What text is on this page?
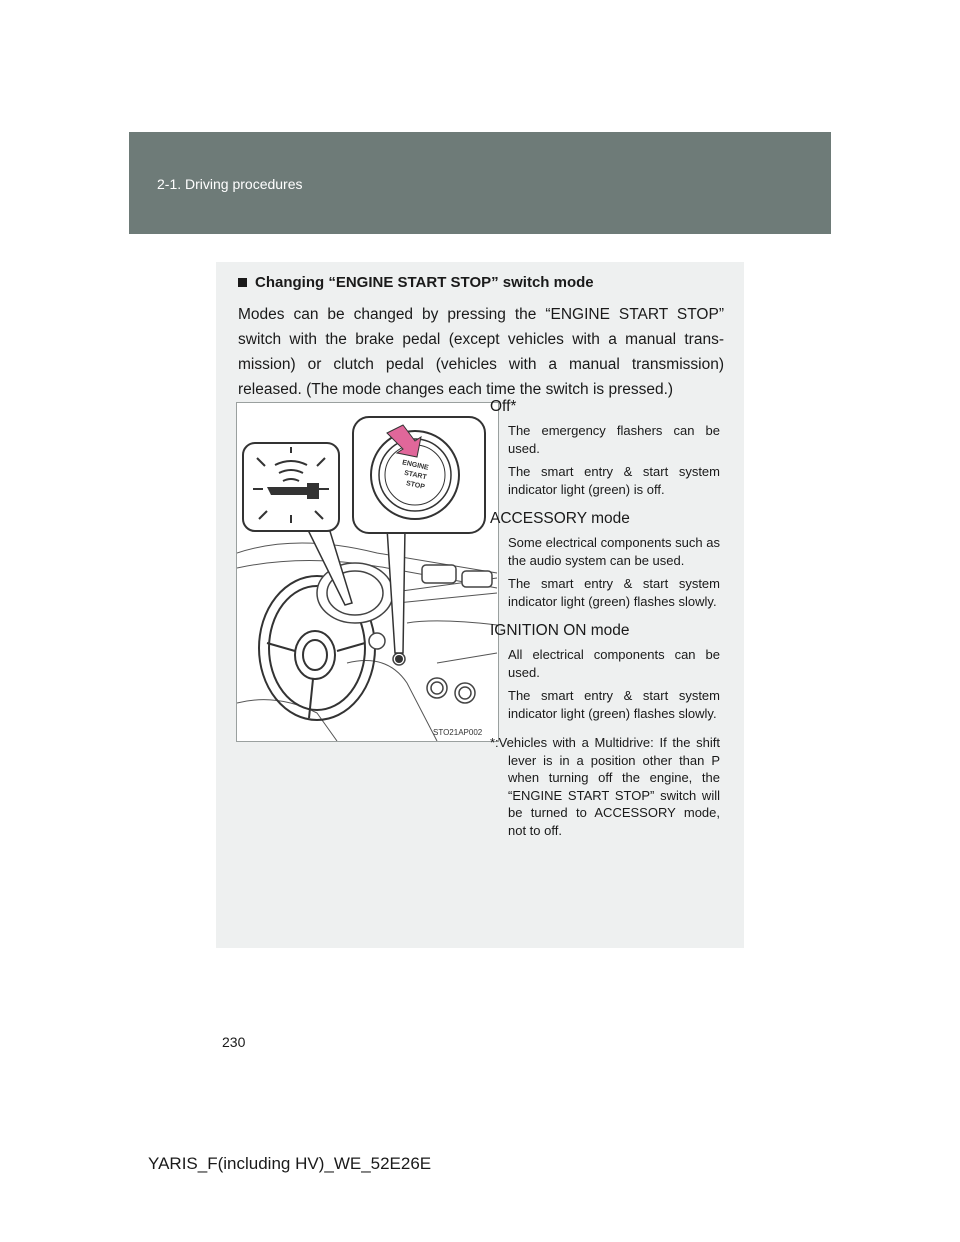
2-1. Driving procedures
Changing “ENGINE START STOP” switch mode
Modes can be changed by pressing the “ENGINE START STOP” switch with the brake pedal (except vehicles with a manual trans-mission) or clutch pedal (vehicles with a manual transmission) released. (The mode changes each time the switch is pressed.)
ENGINE
START
STOP
STO21AP002
Off*
The emergency flashers can be used.
The smart entry & start system indicator light (green) is off.
ACCESSORY mode
Some electrical components such as the audio system can be used.
The smart entry & start system indicator light (green) flashes slowly.
IGNITION ON mode
All electrical components can be used.
The smart entry & start system indicator light (green) flashes slowly.
*:Vehicles with a Multidrive: If the shift lever is in a position other than P when turning off the engine, the “ENGINE START STOP” switch will be turned to ACCESSORY mode, not to off.
230
YARIS_F(including HV)_WE_52E26E
